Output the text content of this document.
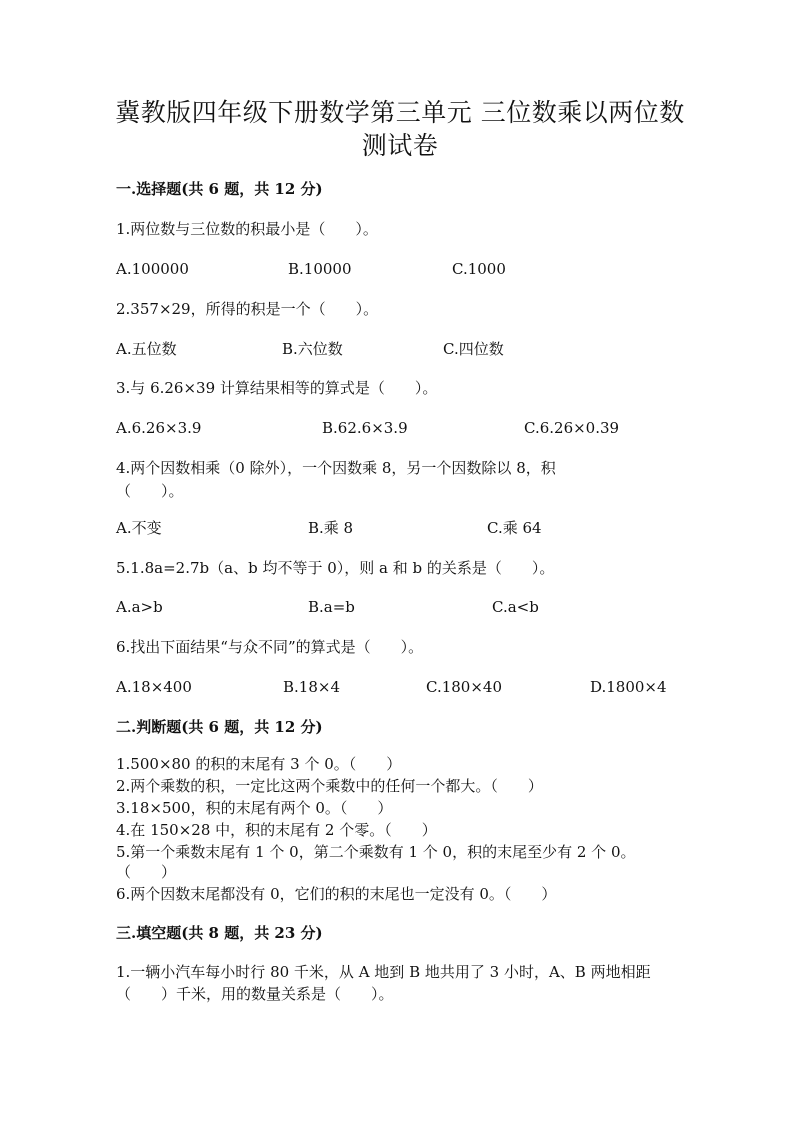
冀教版四年级下册数学第三单元 三位数乘以两位数
测试卷
一.选择题(共 6 题，共 12 分)
1.两位数与三位数的积最小是（　　）。
A.100000	B.10000	C.1000
2.357×29，所得的积是一个（　　）。
A.五位数	B.六位数	C.四位数
3.与 6.26×39 计算结果相等的算式是（　　）。
A.6.26×3.9	B.62.6×3.9	C.6.26×0.39
4.两个因数相乘（0 除外），一个因数乘 8，另一个因数除以 8，积
（　　）。
A.不变	B.乘 8	C.乘 64
5.1.8a=2.7b（a、b 均不等于 0），则 a 和 b 的关系是（　　）。
A.a>b	B.a=b	C.a<b
6.找出下面结果“与众不同”的算式是（　　）。
A.18×400	B.18×4	C.180×40	D.1800×4
二.判断题(共 6 题，共 12 分)
1.500×80 的积的末尾有 3 个 0。（　　）
2.两个乘数的积，一定比这两个乘数中的任何一个都大。（　　）
3.18×500，积的末尾有两个 0。（　　）
4.在 150×28 中，积的末尾有 2 个零。（　　）
5.第一个乘数末尾有 1 个 0，第二个乘数有 1 个 0，积的末尾至少有 2 个 0。
（　　）
6.两个因数末尾都没有 0，它们的积的末尾也一定没有 0。（　　）
三.填空题(共 8 题，共 23 分)
1.一辆小汽车每小时行 80 千米，从 A 地到 B 地共用了 3 小时，A、B 两地相距
（　　）千米，用的数量关系是（　　）。
